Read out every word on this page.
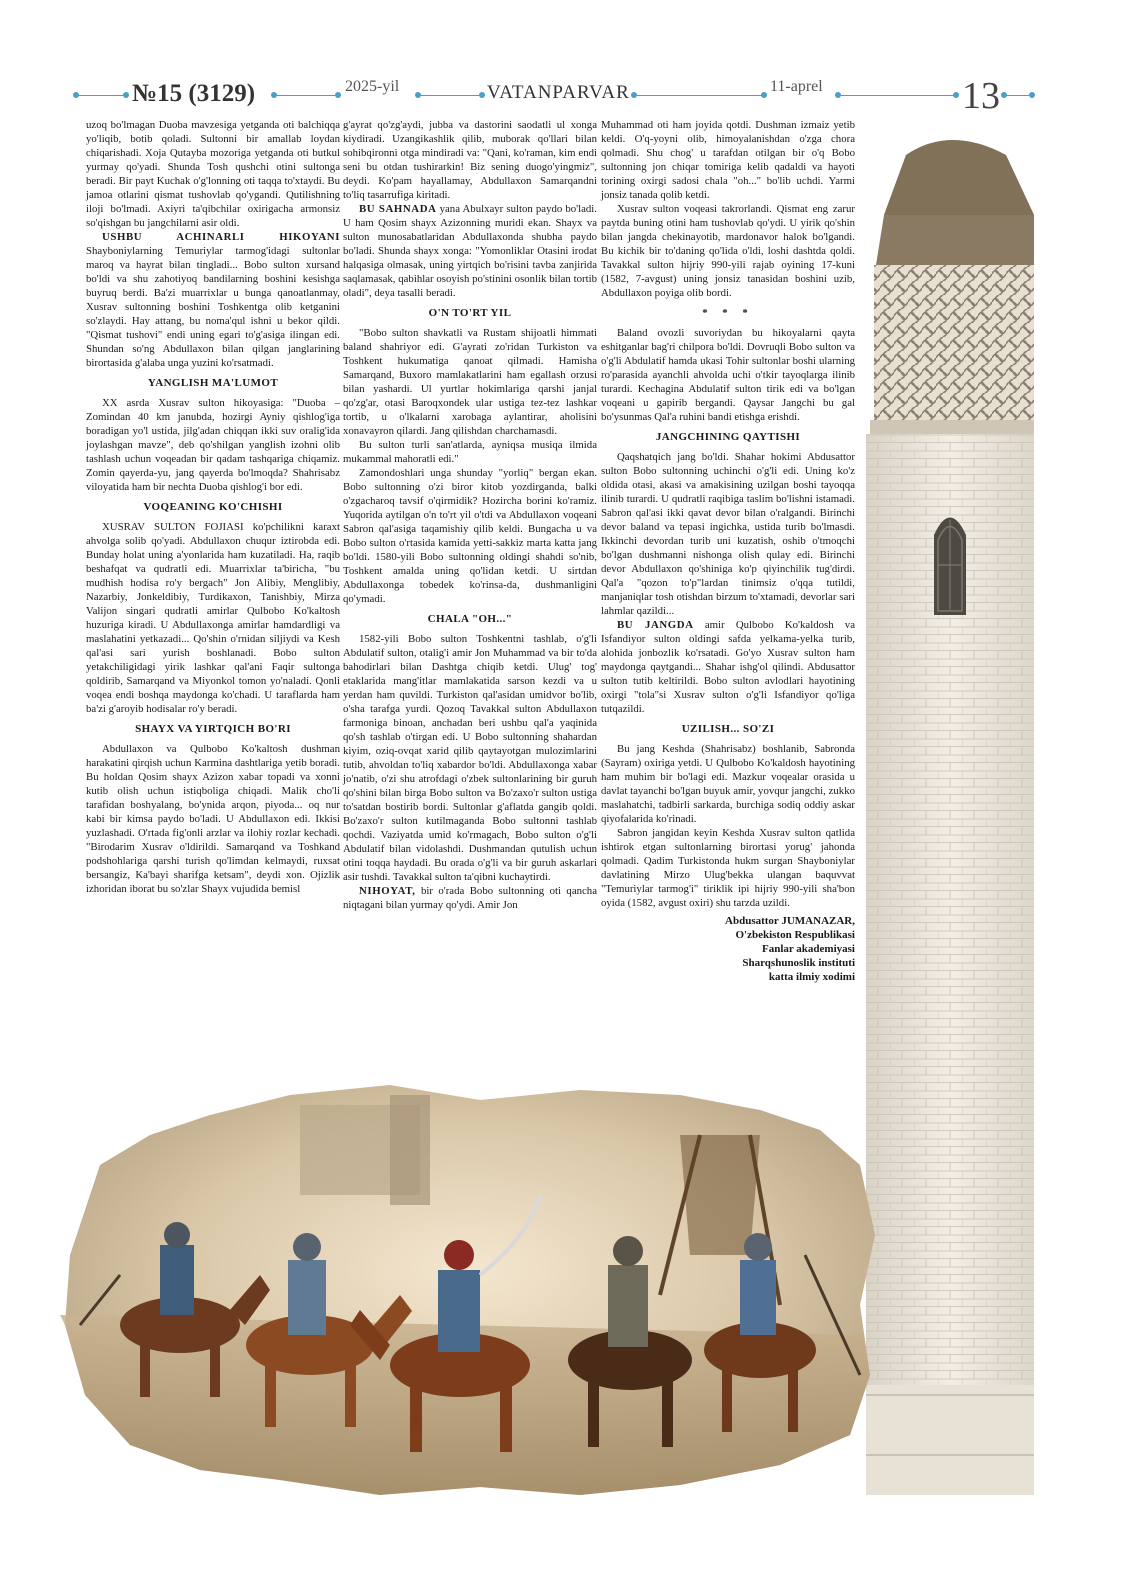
№15 (3129)	2025-yil	VATANPARVAR	11-aprel	13

uzoq bo'lmagan Duoba mavzesiga yetganda oti balchiqqa yo'liqib, botib qoladi. Sultonni bir amallab loydan chiqarishadi. Xoja Qutayba mozoriga yetganda oti butkul yurmay qo'yadi. Shunda Tosh qushchi otini sultonga beradi. Bir payt Kuchak o'g'lonning oti taqqa to'xtaydi. Bu jamoa otlarini qismat tushovlab qo'ygandi. Qutilishning iloji bo'lmadi. Axiyri ta'qibchilar oxirigacha armonsiz so'qishgan bu jangchilarni asir oldi.

USHBU ACHINARLI HIKOYANI Shayboniylarning Temuriylar tarmog'idagi sultonlar maroq va hayrat bilan tingladi... Bobo sulton xursand bo'ldi va shu zahotiyoq bandilarning boshini kesishga buyruq berdi. Ba'zi muarrixlar u bunga qanoatlanmay, Xusrav sultonning boshini Toshkentga olib ketganini so'zlaydi. Hay attang, bu noma'qul ishni u bekor qildi. "Qismat tushovi" endi uning egari to'g'asiga ilingan edi. Shundan so'ng Abdullaxon bilan qilgan janglarining birortasida g'alaba unga yuzini ko'rsatmadi.

YANGLISH MA'LUMOT

XX asrda Xusrav sulton hikoyasiga: "Duoba – Zomindan 40 km janubda, hozirgi Ayniy qishlog'iga boradigan yo'l ustida, jilg'adan chiqqan ikki suv oralig'ida joylashgan mavze", deb qo'shilgan yanglish izohni olib tashlash uchun voqeadan bir qadam tashqariga chiqamiz. Zomin qayerda-yu, jang qayerda bo'lmoqda? Shahrisabz viloyatida ham bir nechta Duoba qishlog'i bor edi.

VOQEANING KO'CHISHI

XUSRAV SULTON FOJIASI ko'pchilikni karaxt ahvolga solib qo'yadi. Abdullaxon chuqur iztirobda edi. Bunday holat uning a'yonlarida ham kuzatiladi. Ha, raqib beshafqat va qudratli edi. Muarrixlar ta'biricha, "bu mudhish hodisa ro'y bergach" Jon Alibiy, Menglibiy, Nazarbiy, Jonkeldibiy, Turdikaxon, Tanishbiy, Mirza Valijon singari qudratli amirlar Qulbobo Ko'kaltosh huzuriga kiradi. U Abdullaxonga amirlar hamdardligi va maslahatini yetkazadi... Qo'shin o'rnidan siljiydi va Kesh qal'asi sari yurish boshlanadi. Bobo sulton yetakchiligidagi yirik lashkar qal'ani Faqir sultonga qoldirib, Samarqand va Miyonkol tomon yo'naladi. Qonli voqea endi boshqa maydonga ko'chadi. U taraflarda ham ba'zi g'aroyib hodisalar ro'y beradi.

SHAYX VA YIRTQICH BO'RI

Abdullaxon va Qulbobo Ko'kaltosh dushman harakatini qirqish uchun Karmina dashtlariga yetib boradi. Bu holdan Qosim shayx Azizon xabar topadi va xonni kutib olish uchun istiqboliga chiqadi. Malik cho'li tarafidan boshyalang, bo'ynida arqon, piyoda... oq nur kabi bir kimsa paydo bo'ladi. U Abdullaxon edi. Ikkisi yuzlashadi. O'rtada fig'onli arzlar va ilohiy rozlar kechadi. "Birodarim Xusrav o'ldirildi. Samarqand va Toshkand podshohlariga qarshi turish qo'limdan kelmaydi, ruxsat bersangiz, Ka'bayi sharifga ketsam", deydi xon. Ojizlik izhoridan iborat bu so'zlar Shayx vujudida bemisl

g'ayrat qo'zg'aydi, jubba va dastorini saodatli ul xonga kiydiradi. Uzangikashlik qilib, muborak qo'llari bilan sohibqironni otga mindiradi va: "Qani, ko'raman, kim endi seni bu otdan tushirarkin! Biz sening duogo'yingmiz", deydi. Ko'pam hayallamay, Abdullaxon Samarqandni to'liq tasarrufiga kiritadi.

BU SAHNADA yana Abulxayr sulton paydo bo'ladi. U ham Qosim shayx Azizonning muridi ekan. Shayx va sulton munosabatlaridan Abdullaxonda shubha paydo bo'ladi. Shunda shayx xonga: "Yomonliklar Otasini irodat halqasiga olmasak, uning yirtqich bo'risini tavba zanjirida saqlamasak, qabihlar osoyish po'stinini osonlik bilan tortib oladi", deya tasalli beradi.

O'N TO'RT YIL

"Bobo sulton shavkatli va Rustam shijoatli himmati baland shahriyor edi. G'ayrati zo'ridan Turkiston va Toshkent hukumatiga qanoat qilmadi. Hamisha Samarqand, Buxoro mamlakatlarini ham egallash orzusi bilan yashardi. Ul yurtlar hokimlariga qarshi janjal qo'zg'ar, otasi Baroqxondek ular ustiga tez-tez lashkar tortib, u o'lkalarni xarobaga aylantirar, aholisini xonavayron qilardi. Jang qilishdan charchamasdi.

Bu sulton turli san'atlarda, ayniqsa musiqa ilmida mukammal mahoratli edi."

Zamondoshlari unga shunday "yorliq" bergan ekan. Bobo sultonning o'zi biror kitob yozdirganda, balki o'zgacharoq tavsif o'qirmidik? Hozircha borini ko'ramiz. Yuqorida aytilgan o'n to'rt yil o'tdi va Abdullaxon voqeani Sabron qal'asiga taqamishiy qilib keldi. Bungacha u va Bobo sulton o'rtasida kamida yetti-sakkiz marta katta jang bo'ldi. 1580-yili Bobo sultonning oldingi shahdi so'nib, Toshkent amalda uning qo'lidan ketdi. U sirtdan Abdullaxonga tobedek ko'rinsa-da, dushmanligini qo'ymadi.

CHALA "OH..."

1582-yili Bobo sulton Toshkentni tashlab, o'g'li Abdulatif sulton, otalig'i amir Jon Muhammad va bir to'da bahodirlari bilan Dashtga chiqib ketdi. Ulug' tog' etaklarida mang'itlar mamlakatida sarson kezdi va u yerdan ham quvildi. Turkiston qal'asidan umidvor bo'lib, o'sha tarafga yurdi. Qozoq Tavakkal sulton Abdullaxon farmoniga binoan, anchadan beri ushbu qal'a yaqinida qo'sh tashlab o'tirgan edi. U Bobo sultonning shahardan kiyim, oziq-ovqat xarid qilib qaytayotgan mulozimlarini tutib, ahvoldan to'liq xabardor bo'ldi. Abdullaxonga xabar jo'natib, o'zi shu atrofdagi o'zbek sultonlarining bir guruh qo'shini bilan birga Bobo sulton va Bo'zaxo'r sulton ustiga to'satdan bostirib bordi. Sultonlar g'aflatda gangib qoldi. Bo'zaxo'r sulton kutilmaganda Bobo sultonni tashlab qochdi. Vaziyatda umid ko'rmagach, Bobo sulton o'g'li Abdulatif bilan vidolashdi. Dushmandan qutulish uchun otini toqqa haydadi. Bu orada o'g'li va bir guruh askarlari asir tushdi. Tavakkal sulton ta'qibni kuchaytirdi.

NIHOYAT, bir o'rada Bobo sultonning oti qancha niqtagani bilan yurmay qo'ydi. Amir Jon

Muhammad oti ham joyida qotdi. Dushman izmaiz yetib keldi. O'q-yoyni olib, himoyalanishdan o'zga chora qolmadi. Shu chog' u tarafdan otilgan bir o'q Bobo sultonning jon chiqar tomiriga kelib qadaldi va hayoti torining oxirgi sadosi chala "oh..." bo'lib uchdi. Yarmi jonsiz tanada qolib ketdi.

Xusrav sulton voqeasi takrorlandi. Qismat eng zarur paytda buning otini ham tushovlab qo'ydi. U yirik qo'shin bilan jangda chekinayotib, mardonavor halok bo'lgandi. Bu kichik bir to'daning qo'lida o'ldi, loshi dashtda qoldi. Tavakkal sulton hijriy 990-yili rajab oyining 17-kuni (1582, 7-avgust) uning jonsiz tanasidan boshini uzib, Abdullaxon poyiga olib bordi.

* * *

Baland ovozli suvoriydan bu hikoyalarni qayta eshitganlar bag'ri chilpora bo'ldi. Dovruqli Bobo sulton va o'g'li Abdulatif hamda ukasi Tohir sultonlar boshi ularning ro'parasida ayanchli ahvolda uchi o'tkir tayoqlarga ilinib turardi. Kechagina Abdulatif sulton tirik edi va bo'lgan voqeani u gapirib bergandi. Qaysar Jangchi bu gal bo'ysunmas Qal'a ruhini bandi etishga erishdi.

JANGCHINING QAYTISHI

Qaqshatqich jang bo'ldi. Shahar hokimi Abdusattor sulton Bobo sultonning uchinchi o'g'li edi. Uning ko'z oldida otasi, akasi va amakisining uzilgan boshi tayoqqa ilinib turardi. U qudratli raqibiga taslim bo'lishni istamadi. Sabron qal'asi ikki qavat devor bilan o'ralgandi. Birinchi devor baland va tepasi ingichka, ustida turib bo'lmasdi. Ikkinchi devordan turib uni kuzatish, oshib o'tmoqchi bo'lgan dushmanni nishonga olish qulay edi. Birinchi devor Abdullaxon qo'shiniga ko'p qiyinchilik tug'dirdi. Qal'a "qozon to'p"lardan tinimsiz o'qqa tutildi, manjaniqlar tosh otishdan birzum to'xtamadi, devorlar sari lahmlar qazildi...

BU JANGDA amir Qulbobo Ko'kaldosh va Isfandiyor sulton oldingi safda yelkama-yelka turib, alohida jonbozlik ko'rsatadi. Go'yo Xusrav sulton ham maydonga qaytgandi... Shahar ishg'ol qilindi. Abdusattor sulton tutib keltirildi. Bobo sulton avlodlari hayotining oxirgi "tola"si Xusrav sulton o'g'li Isfandiyor qo'liga tutqazildi.

UZILISH... SO'ZI

Bu jang Keshda (Shahrisabz) boshlanib, Sabronda (Sayram) oxiriga yetdi. U Qulbobo Ko'kaldosh hayotining ham muhim bir bo'lagi edi. Mazkur voqealar orasida u davlat tayanchi bo'lgan buyuk amir, yovqur jangchi, zukko maslahatchi, tadbirli sarkarda, burchiga sodiq oddiy askar qiyofalarida ko'rinadi.

Sabron jangidan keyin Keshda Xusrav sulton qatlida ishtirok etgan sultonlarning birortasi yorug' jahonda qolmadi. Qadim Turkistonda hukm surgan Shayboniylar davlatining Mirzo Ulug'bekka ulangan baquvvat "Temuriylar tarmog'i" tiriklik ipi hijriy 990-yili sha'bon oyida (1582, avgust oxiri) shu tarzda uzildi.

Abdusattor JUMANAZAR,
O'zbekiston Respublikasi
Fanlar akademiyasi
Sharqshunoslik instituti
katta ilmiy xodimi
